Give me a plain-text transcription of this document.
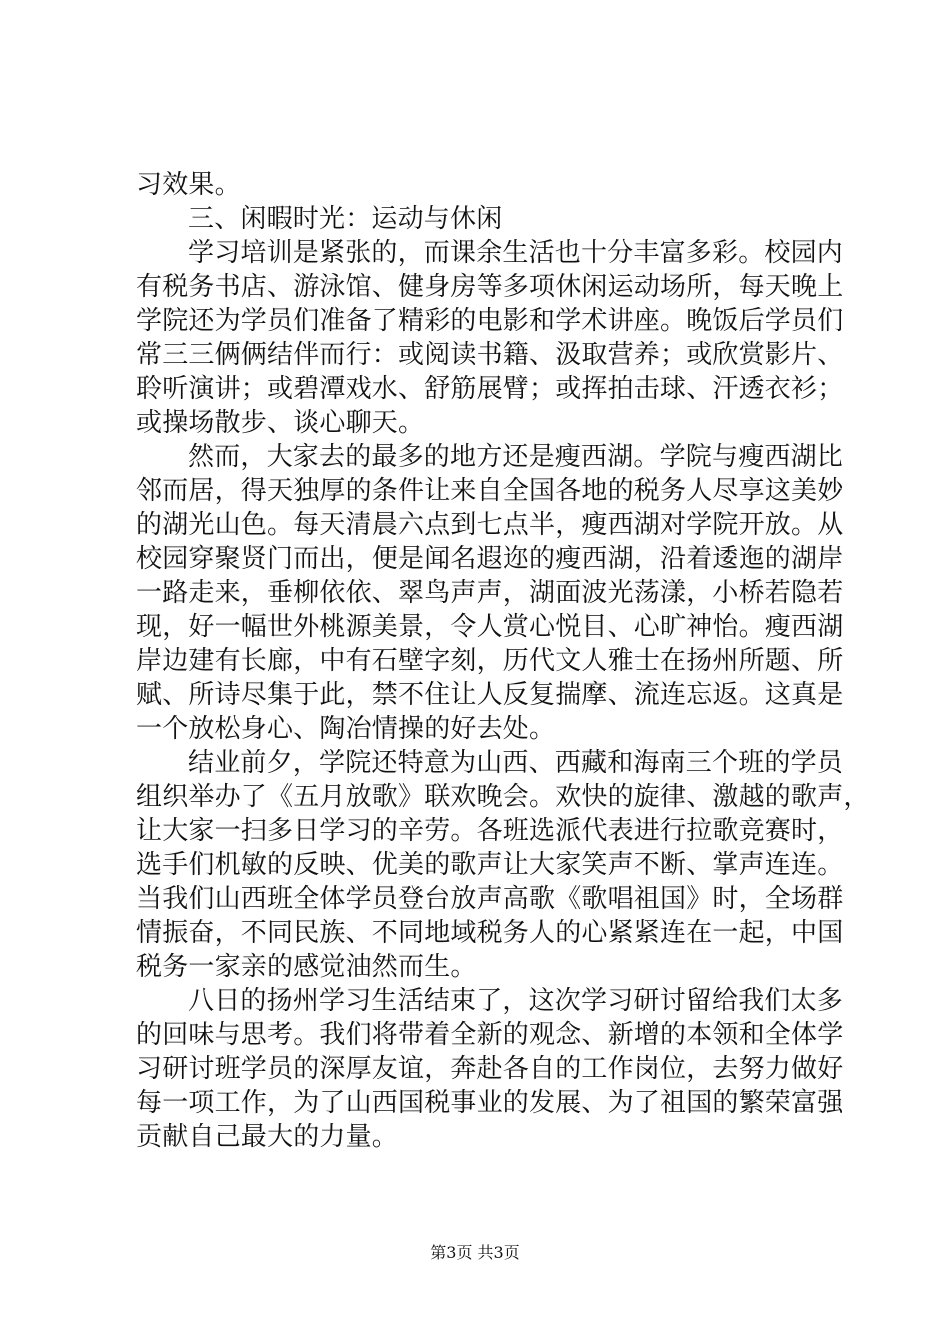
习效果。
三、闲暇时光：运动与休闲
学习培训是紧张的，而课余生活也十分丰富多彩。校园内
有税务书店、游泳馆、健身房等多项休闲运动场所，每天晚上
学院还为学员们准备了精彩的电影和学术讲座。晚饭后学员们
常三三俩俩结伴而行：或阅读书籍、汲取营养；或欣赏影片、
聆听演讲；或碧潭戏水、舒筋展臂；或挥拍击球、汗透衣衫；
或操场散步、谈心聊天。
然而，大家去的最多的地方还是瘦西湖。学院与瘦西湖比
邻而居，得天独厚的条件让来自全国各地的税务人尽享这美妙
的湖光山色。每天清晨六点到七点半，瘦西湖对学院开放。从
校园穿聚贤门而出，便是闻名遐迩的瘦西湖，沿着逶迤的湖岸
一路走来，垂柳依依、翠鸟声声，湖面波光荡漾，小桥若隐若
现，好一幅世外桃源美景，令人赏心悦目、心旷神怡。瘦西湖
岸边建有长廊，中有石壁字刻，历代文人雅士在扬州所题、所
赋、所诗尽集于此，禁不住让人反复揣摩、流连忘返。这真是
一个放松身心、陶冶情操的好去处。
结业前夕，学院还特意为山西、西藏和海南三个班的学员
组织举办了《五月放歌》联欢晚会。欢快的旋律、激越的歌声，
让大家一扫多日学习的辛劳。各班选派代表进行拉歌竞赛时，
选手们机敏的反映、优美的歌声让大家笑声不断、掌声连连。
当我们山西班全体学员登台放声高歌《歌唱祖国》时，全场群
情振奋，不同民族、不同地域税务人的心紧紧连在一起，中国
税务一家亲的感觉油然而生。
八日的扬州学习生活结束了，这次学习研讨留给我们太多
的回味与思考。我们将带着全新的观念、新增的本领和全体学
习研讨班学员的深厚友谊，奔赴各自的工作岗位，去努力做好
每一项工作，为了山西国税事业的发展、为了祖国的繁荣富强
贡献自己最大的力量。
第3页 共3页
